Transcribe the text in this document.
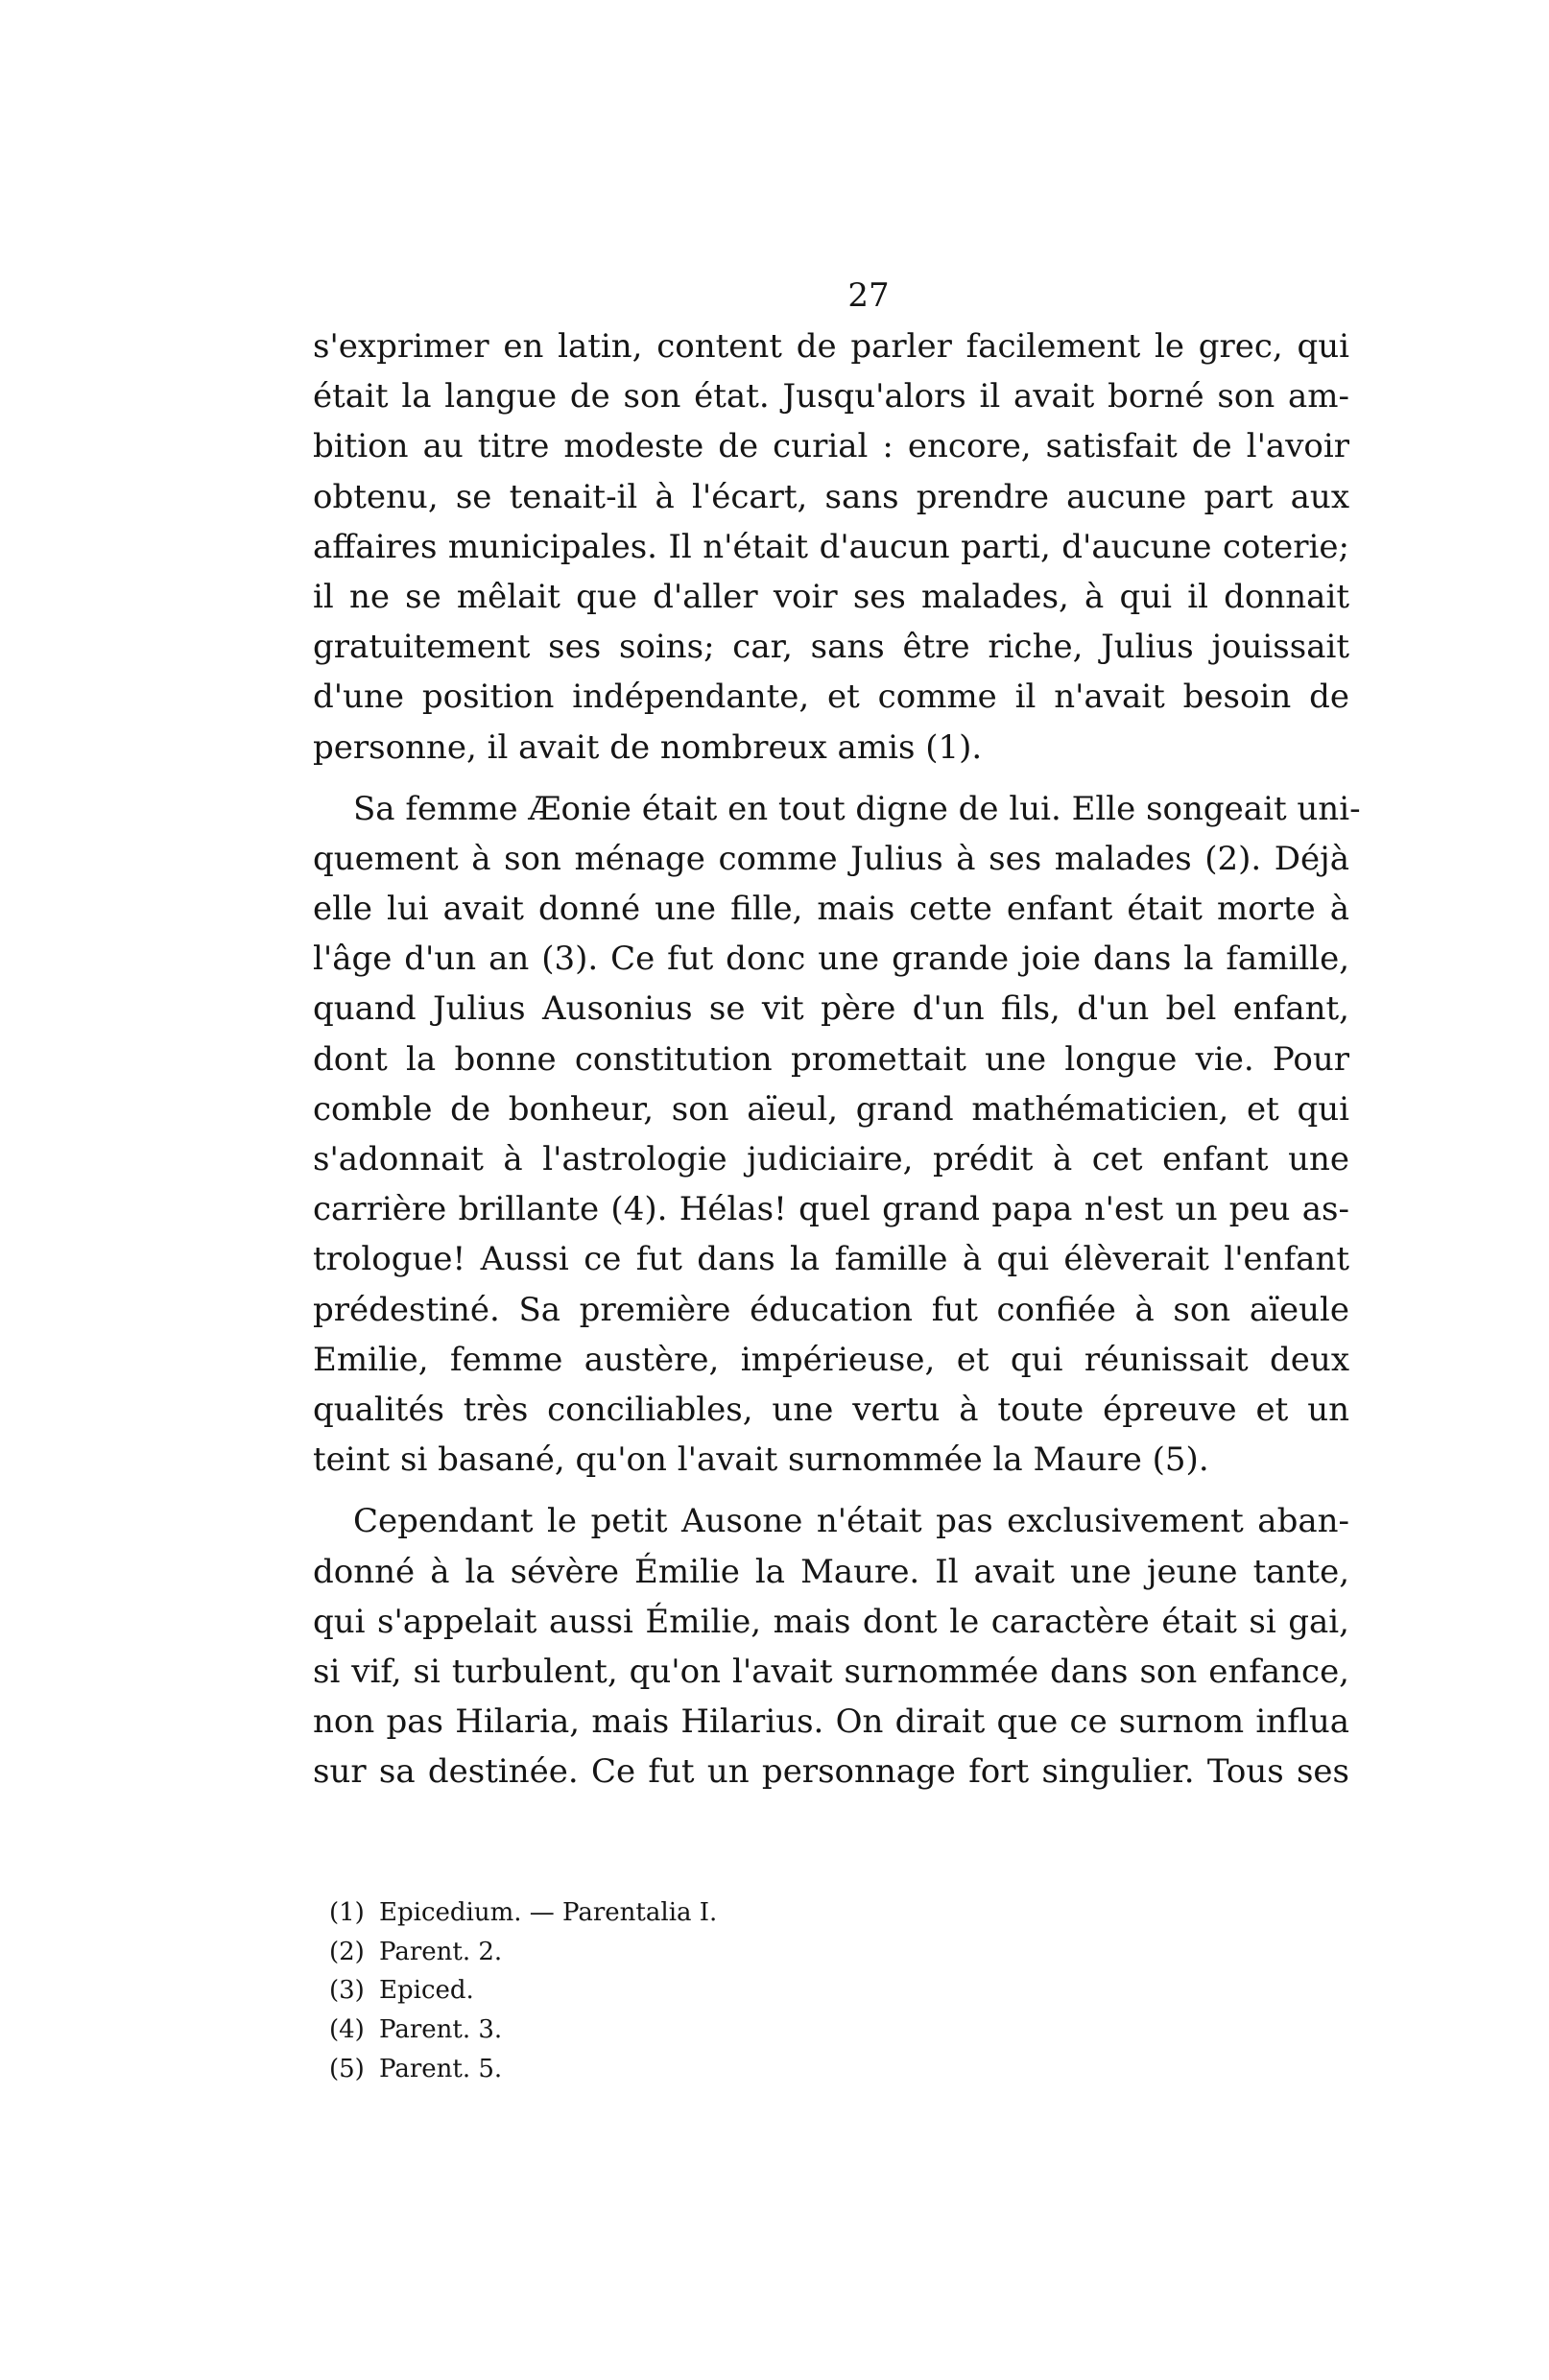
27
s'exprimer en latin, content de parler facilement le grec, qui
était la langue de son état. Jusqu'alors il avait borné son am-
bition au titre modeste de curial : encore, satisfait de l'avoir
obtenu, se tenait-il à l'écart, sans prendre aucune part aux
affaires municipales. Il n'était d'aucun parti, d'aucune coterie;
il ne se mêlait que d'aller voir ses malades, à qui il donnait
gratuitement ses soins; car, sans être riche, Julius jouissait
d'une position indépendante, et comme il n'avait besoin de
personne, il avait de nombreux amis (1).
Sa femme Æonie était en tout digne de lui. Elle songeait uni-
quement à son ménage comme Julius à ses malades (2). Déjà
elle lui avait donné une fille, mais cette enfant était morte à
l'âge d'un an (3). Ce fut donc une grande joie dans la famille,
quand Julius Ausonius se vit père d'un fils, d'un bel enfant,
dont la bonne constitution promettait une longue vie. Pour
comble de bonheur, son aïeul, grand mathématicien, et qui
s'adonnait à l'astrologie judiciaire, prédit à cet enfant une
carrière brillante (4). Hélas! quel grand papa n'est un peu as-
trologue! Aussi ce fut dans la famille à qui élèverait l'enfant
prédestiné. Sa première éducation fut confiée à son aïeule
Emilie, femme austère, impérieuse, et qui réunissait deux
qualités très conciliables, une vertu à toute épreuve et un
teint si basané, qu'on l'avait surnommée la Maure (5).
Cependant le petit Ausone n'était pas exclusivement aban-
donné à la sévère Émilie la Maure. Il avait une jeune tante,
qui s'appelait aussi Émilie, mais dont le caractère était si gai,
si vif, si turbulent, qu'on l'avait surnommée dans son enfance,
non pas Hilaria, mais Hilarius. On dirait que ce surnom influa
sur sa destinée. Ce fut un personnage fort singulier. Tous ses
(1) Epicedium. — Parentalia I.
(2) Parent. 2.
(3) Epiced.
(4) Parent. 3.
(5) Parent. 5.
